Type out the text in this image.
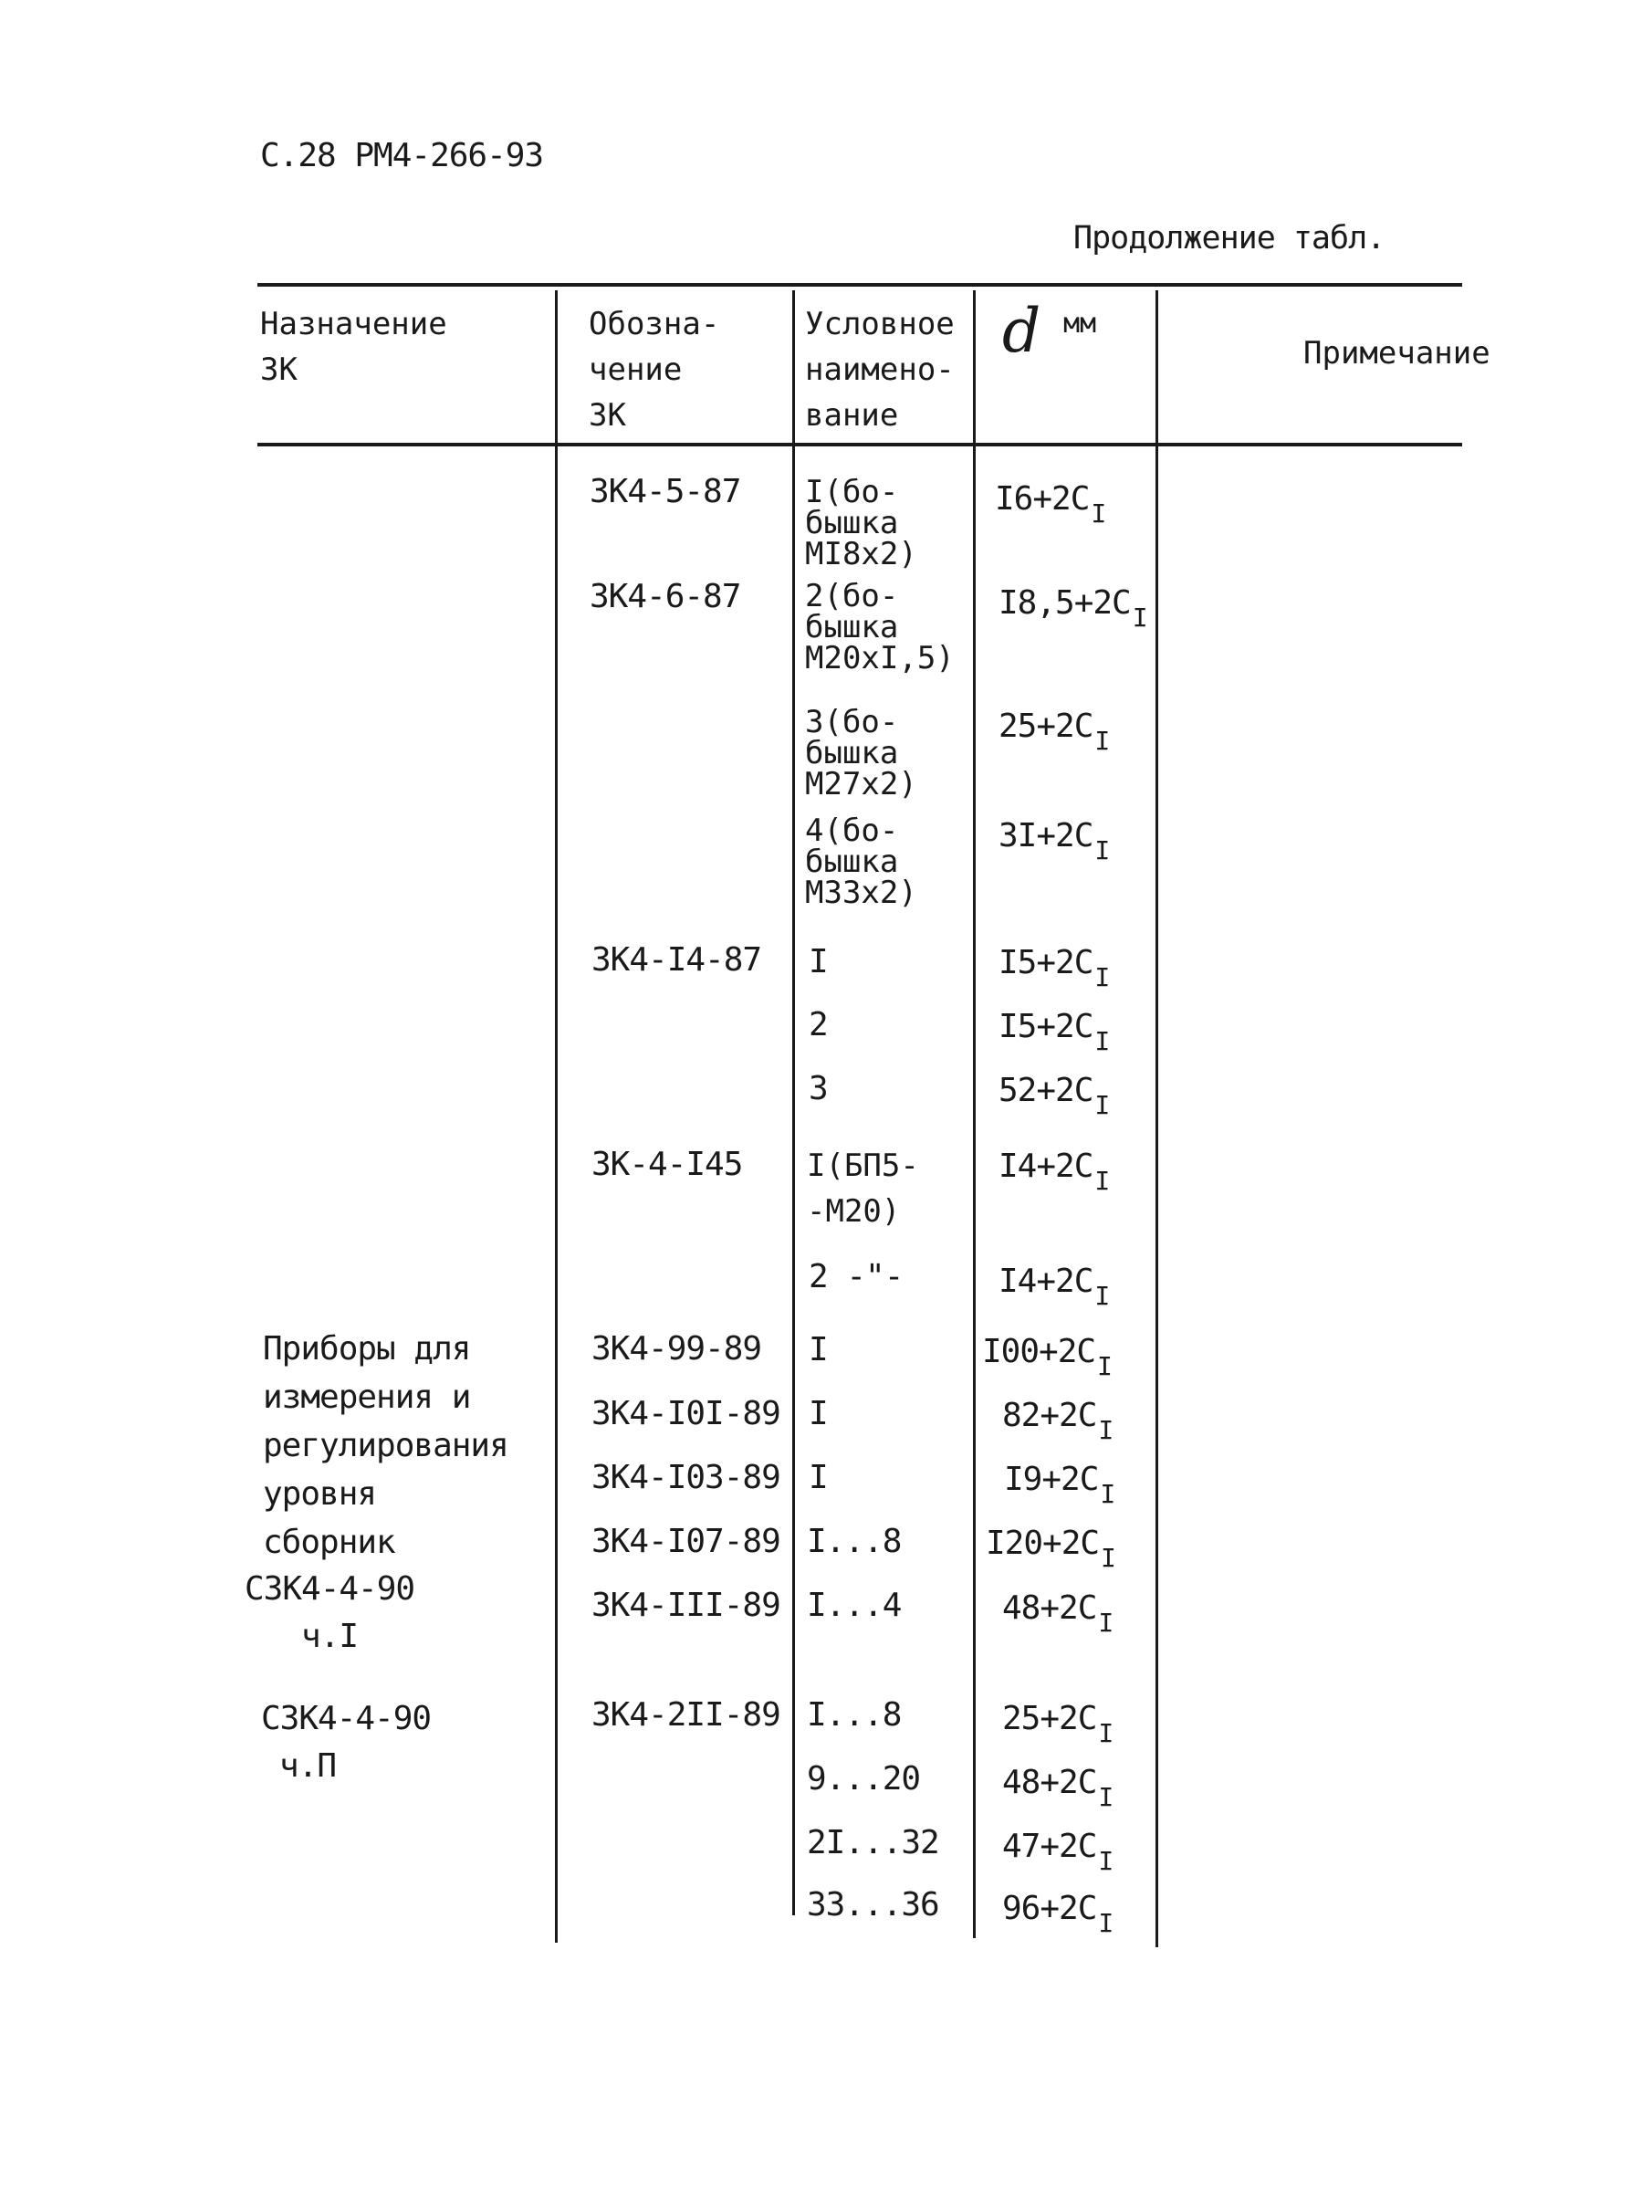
С.28 РМ4-266-93
Продолжение табл.
Назначение
ЗК
Обозна-
чение
ЗК
Условное
наимено-
вание
d мм
Примечание
Приборы для
измерения и
регулирования
уровня
сборник
СЗК4-4-90
ч.I
СЗК4-4-90
ч.П
ЗК4-5-87
ЗК4-6-87
ЗК4-I4-87
ЗК-4-I45
ЗК4-99-89
ЗК4-I0I-89
ЗК4-I03-89
ЗК4-I07-89
ЗК4-III-89
ЗК4-2II-89
I(бо-
бышка
MI8x2)
2(бо-
бышка
M20xI,5)
3(бо-
бышка
M27x2)
4(бо-
бышка
M33x2)
I
2
3
I(БП5-
-M20)
2 -"-
I
I
I
I...8
I...4
I...8
9...20
2I...32
33...36
$I6+2C_I$
$I8,5+2C_I$
$25+2C_I$
$3I+2C_I$
$I5+2C_I$
$I5+2C_I$
$52+2C_I$
$I4+2C_I$
$I4+2C_I$
$I00+2C_I$
$82+2C_I$
$I9+2C_I$
$I20+2C_I$
$48+2C_I$
$25+2C_I$
$48+2C_I$
$47+2C_I$
$96+2C_I$
